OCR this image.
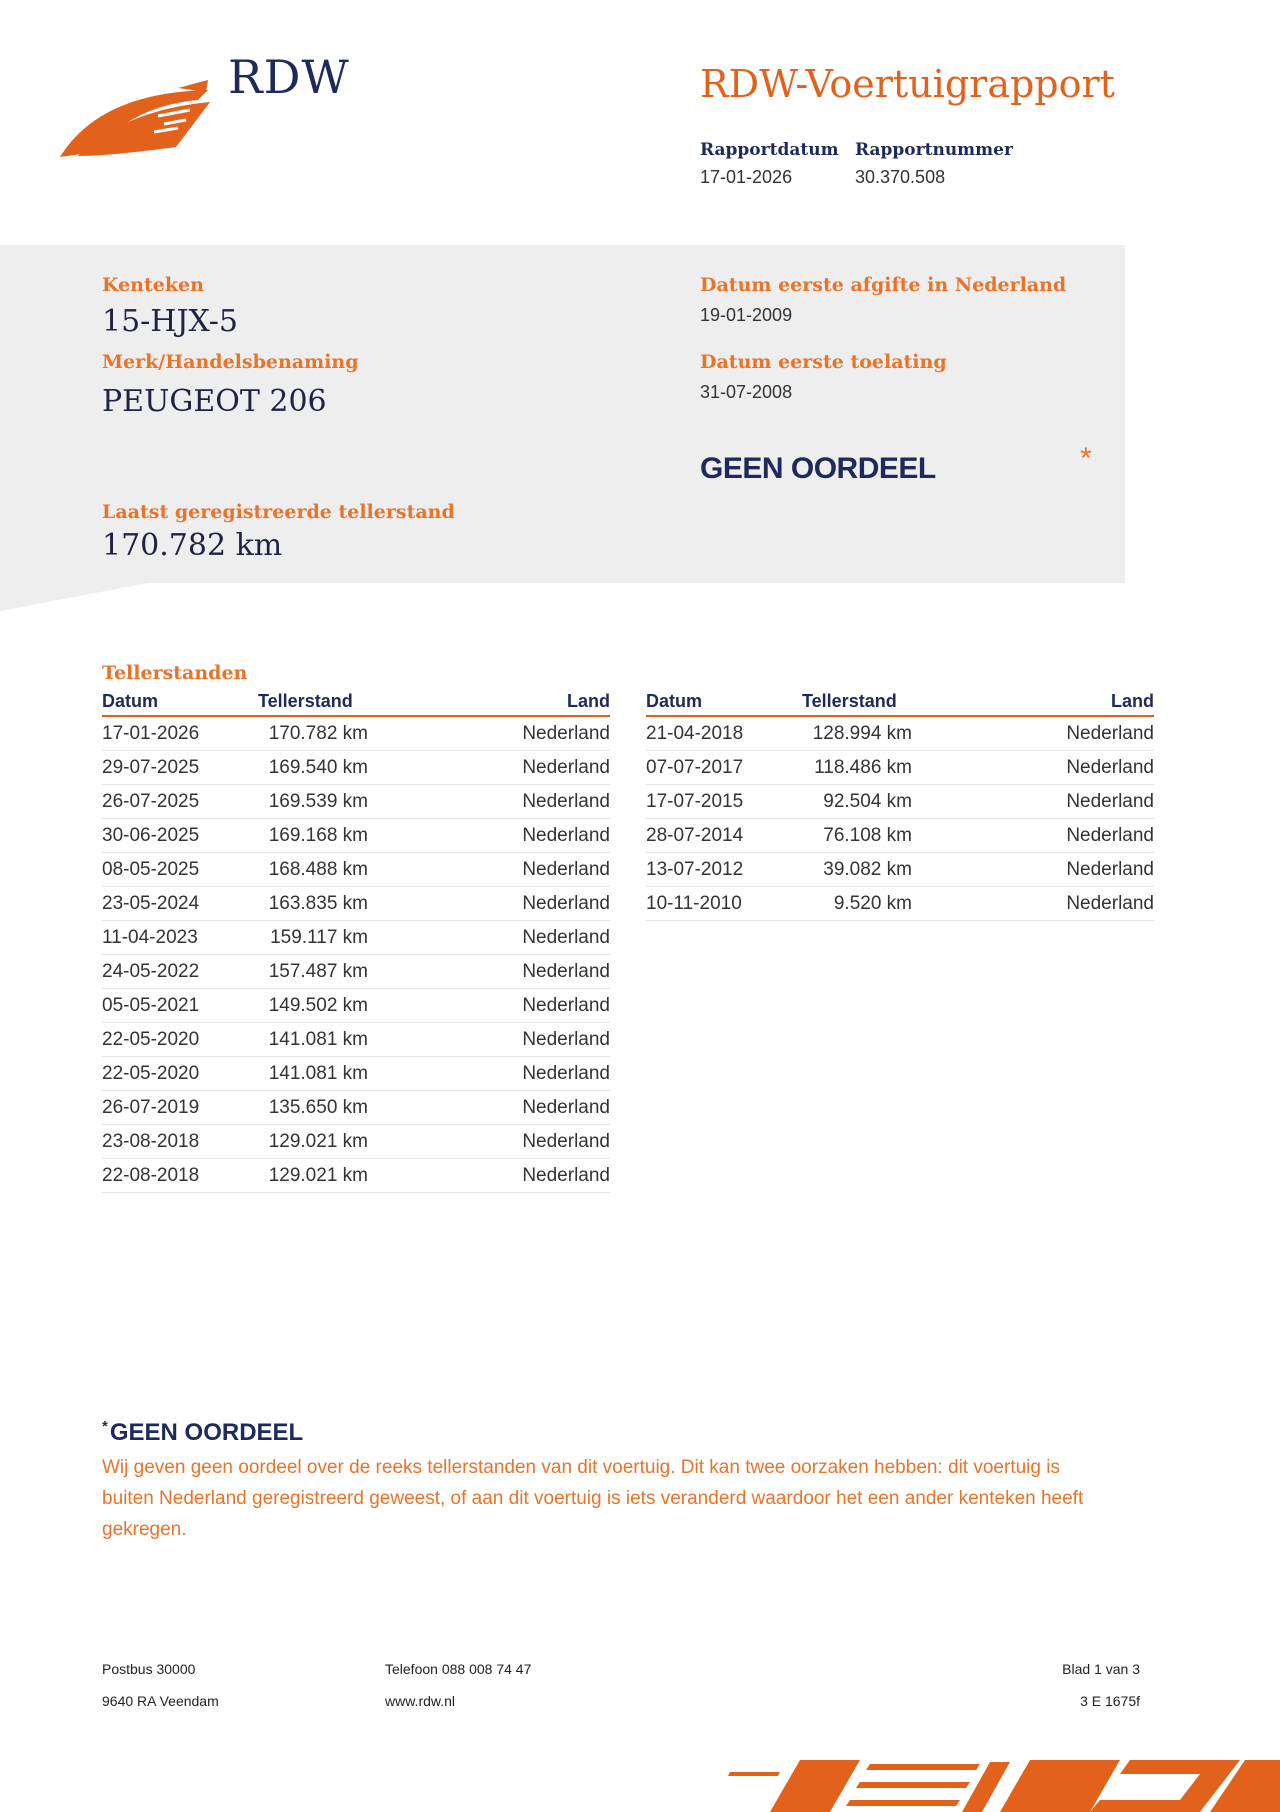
RDW	RDW-Voertuigrapport
Rapportdatum
17-01-2026
Rapportnummer
30.370.508
Kenteken
15-HJX-5
Merk/Handelsbenaming
PEUGEOT 206
Laatst geregistreerde tellerstand
170.782 km
Datum eerste afgifte in Nederland
19-01-2009
Datum eerste toelating
31-07-2008
GEEN OORDEEL	*
Tellerstanden
Datum	Tellerstand	Land
17-01-2026	170.782 km	Nederland
29-07-2025	169.540 km	Nederland
26-07-2025	169.539 km	Nederland
30-06-2025	169.168 km	Nederland
08-05-2025	168.488 km	Nederland
23-05-2024	163.835 km	Nederland
11-04-2023	159.117 km	Nederland
24-05-2022	157.487 km	Nederland
05-05-2021	149.502 km	Nederland
22-05-2020	141.081 km	Nederland
22-05-2020	141.081 km	Nederland
26-07-2019	135.650 km	Nederland
23-08-2018	129.021 km	Nederland
22-08-2018	129.021 km	Nederland
Datum	Tellerstand	Land
21-04-2018	128.994 km	Nederland
07-07-2017	118.486 km	Nederland
17-07-2015	92.504 km	Nederland
28-07-2014	76.108 km	Nederland
13-07-2012	39.082 km	Nederland
10-11-2010	9.520 km	Nederland
*GEEN OORDEEL
Wij geven geen oordeel over de reeks tellerstanden van dit voertuig. Dit kan twee oorzaken hebben: dit voertuig is buiten Nederland geregistreerd geweest, of aan dit voertuig is iets veranderd waardoor het een ander kenteken heeft gekregen.
Postbus 30000
9640 RA Veendam
Telefoon 088 008 74 47
www.rdw.nl
Blad 1 van 3
3 E 1675f
